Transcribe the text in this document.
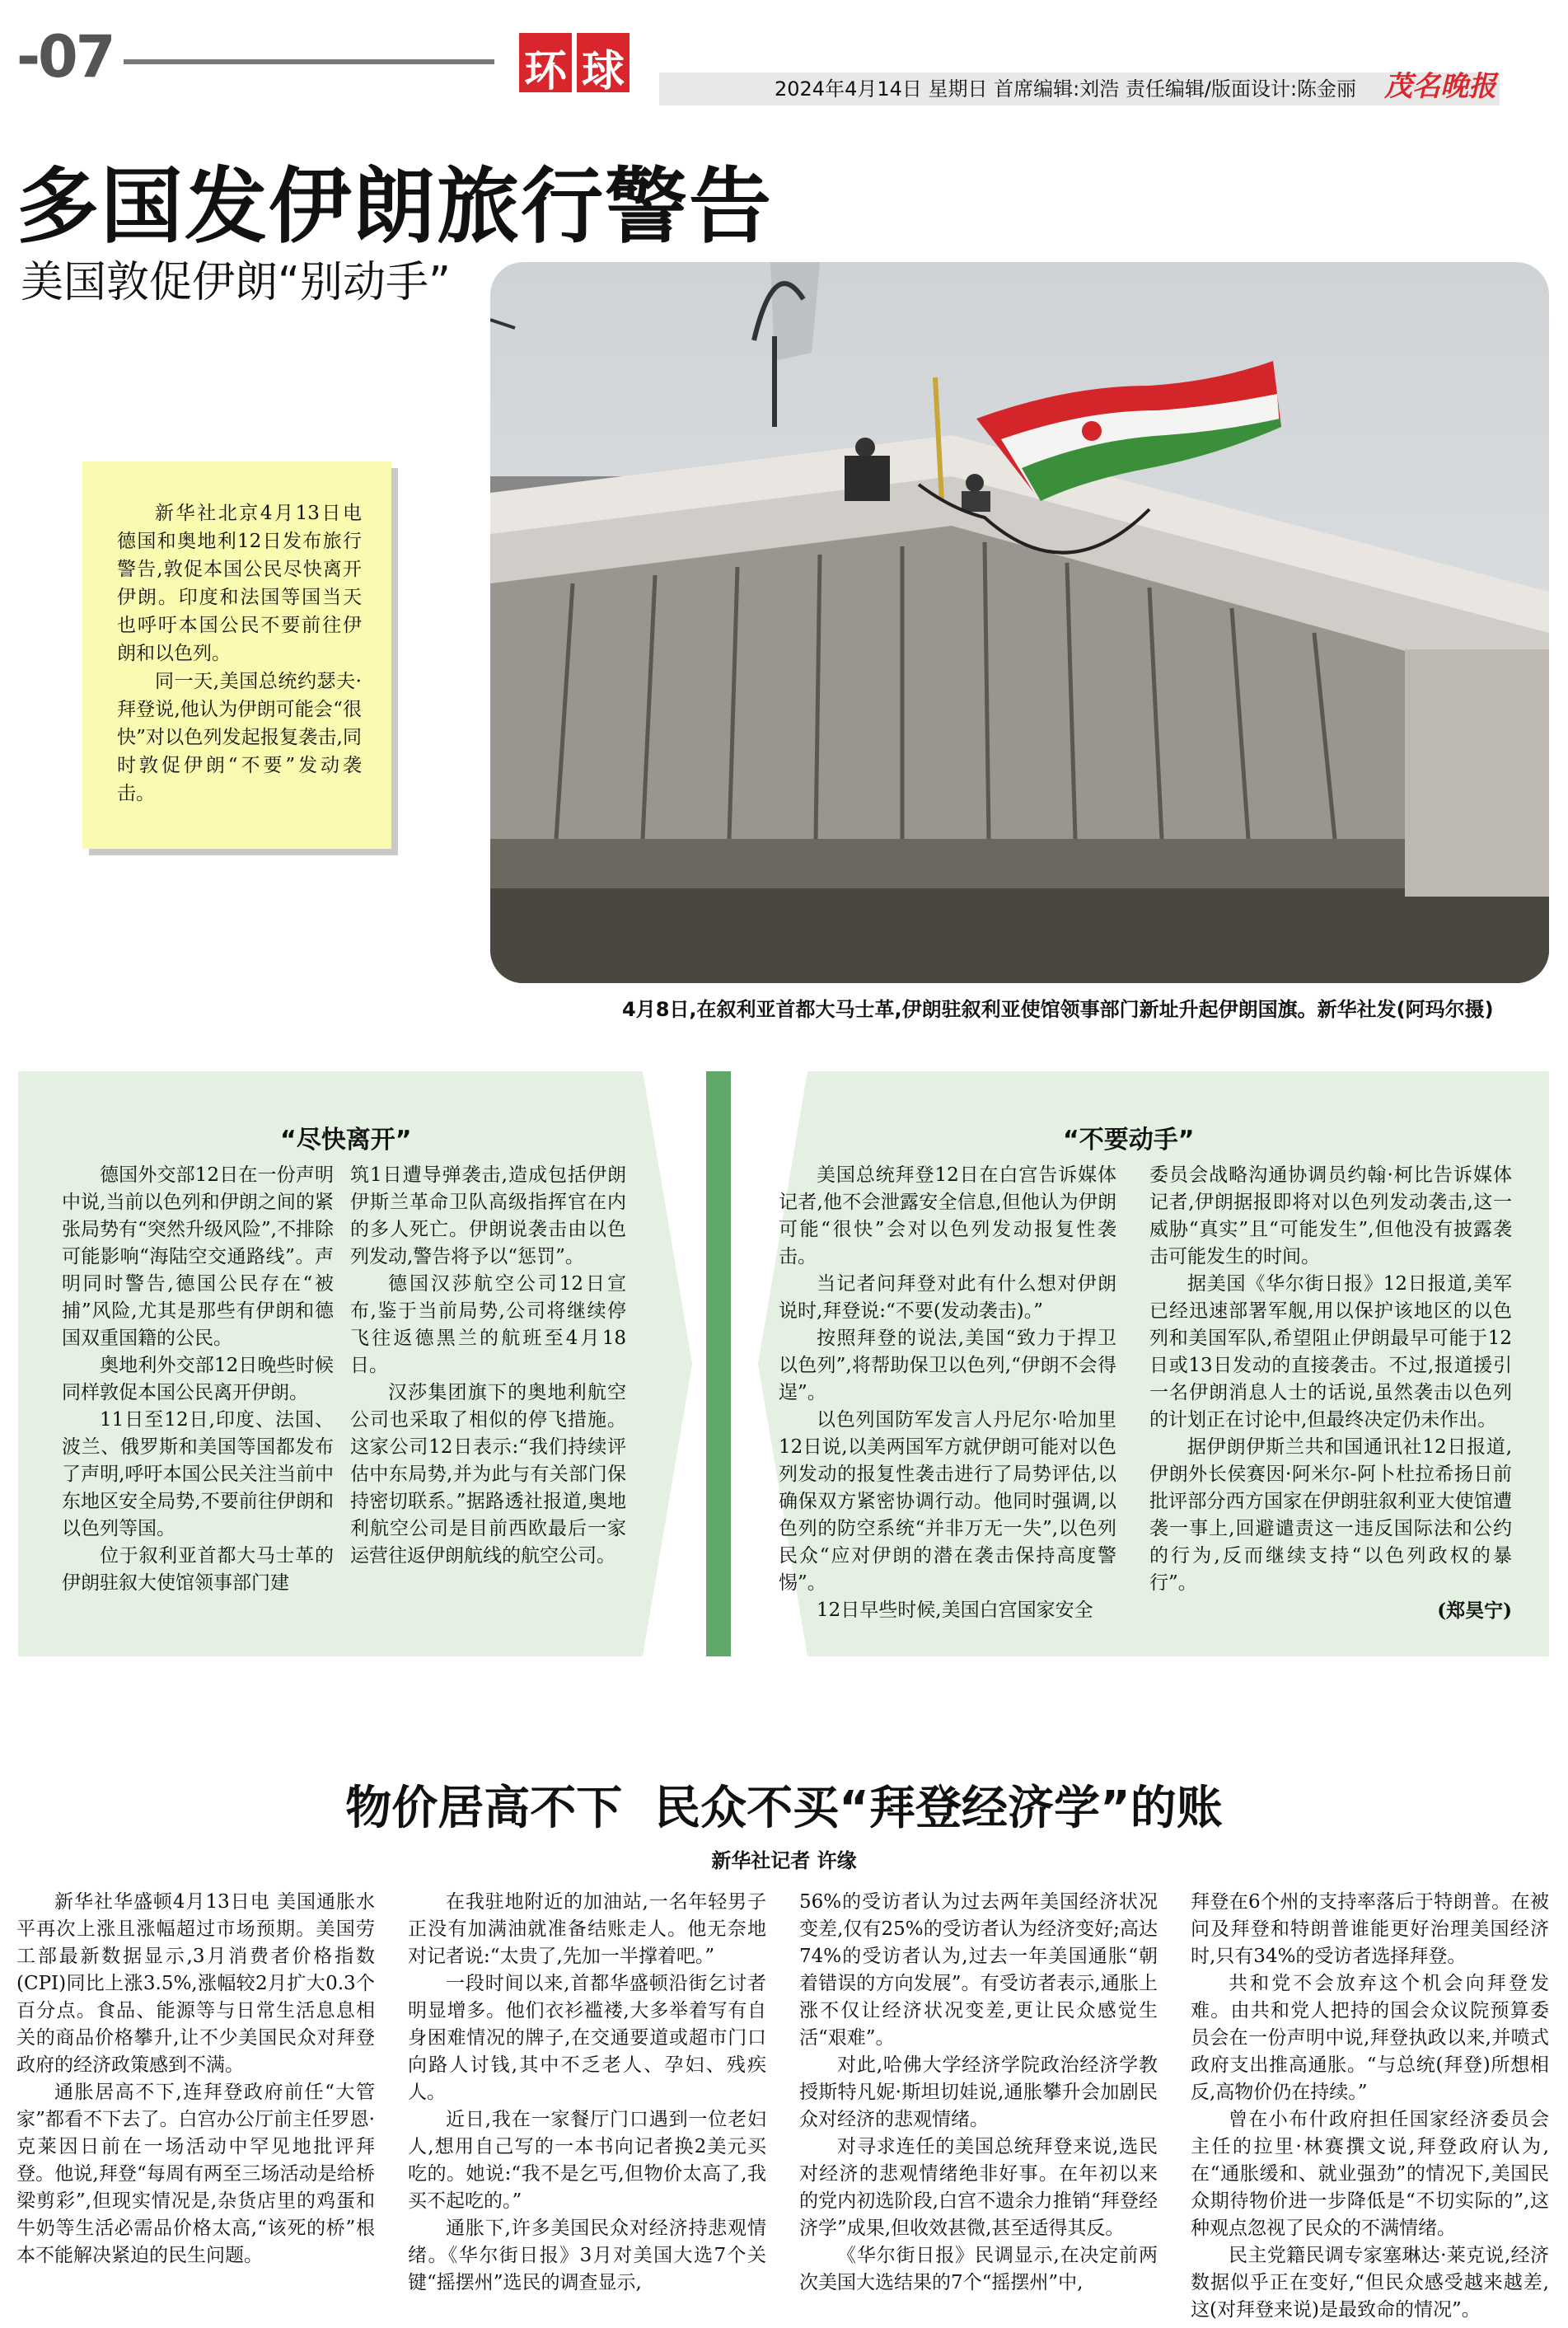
-07	环 球	2024年4月14日 星期日 首席编辑:刘浩 责任编辑/版面设计:陈金丽 茂名晚报
多国发伊朗旅行警告
美国敦促伊朗“别动手”
4月8日,在叙利亚首都大马士革,伊朗驻叙利亚使馆领事部门新址升起伊朗国旗。新华社发(阿玛尔摄)

新华社北京4月13日电 德国和奥地利12日发布旅行警告,敦促本国公民尽快离开伊朗。印度和法国等国当天也呼吁本国公民不要前往伊朗和以色列。

同一天,美国总统约瑟夫·拜登说,他认为伊朗可能会“很快”对以色列发起报复袭击,同时敦促伊朗“不要”发动袭击。

“尽快离开”

德国外交部12日在一份声明中说,当前以色列和伊朗之间的紧张局势有“突然升级风险”,不排除可能影响“海陆空交通路线”。声明同时警告,德国公民存在“被捕”风险,尤其是那些有伊朗和德国双重国籍的公民。

奥地利外交部12日晚些时候同样敦促本国公民离开伊朗。

11日至12日,印度、法国、波兰、俄罗斯和美国等国都发布了声明,呼吁本国公民关注当前中东地区安全局势,不要前往伊朗和以色列等国。

位于叙利亚首都大马士革的伊朗驻叙大使馆领事部门建

筑1日遭导弹袭击,造成包括伊朗伊斯兰革命卫队高级指挥官在内的多人死亡。伊朗说袭击由以色列发动,警告将予以“惩罚”。

德国汉莎航空公司12日宣布,鉴于当前局势,公司将继续停飞往返德黑兰的航班至4月18日。

汉莎集团旗下的奥地利航空公司也采取了相似的停飞措施。这家公司12日表示:“我们持续评估中东局势,并为此与有关部门保持密切联系。”据路透社报道,奥地利航空公司是目前西欧最后一家运营往返伊朗航线的航空公司。

“不要动手”

美国总统拜登12日在白宫告诉媒体记者,他不会泄露安全信息,但他认为伊朗可能“很快”会对以色列发动报复性袭击。

当记者问拜登对此有什么想对伊朗说时,拜登说:“不要(发动袭击)。”

按照拜登的说法,美国“致力于捍卫以色列”,将帮助保卫以色列,“伊朗不会得逞”。

以色列国防军发言人丹尼尔·哈加里12日说,以美两国军方就伊朗可能对以色列发动的报复性袭击进行了局势评估,以确保双方紧密协调行动。他同时强调,以色列的防空系统“并非万无一失”,以色列民众“应对伊朗的潜在袭击保持高度警惕”。

12日早些时候,美国白宫国家安全

委员会战略沟通协调员约翰·柯比告诉媒体记者,伊朗据报即将对以色列发动袭击,这一威胁“真实”且“可能发生”,但他没有披露袭击可能发生的时间。

据美国《华尔街日报》12日报道,美军已经迅速部署军舰,用以保护该地区的以色列和美国军队,希望阻止伊朗最早可能于12日或13日发动的直接袭击。不过,报道援引一名伊朗消息人士的话说,虽然袭击以色列的计划正在讨论中,但最终决定仍未作出。

据伊朗伊斯兰共和国通讯社12日报道,伊朗外长侯赛因·阿米尔-阿卜杜拉希扬日前批评部分西方国家在伊朗驻叙利亚大使馆遭袭一事上,回避谴责这一违反国际法和公约的行为,反而继续支持“以色列政权的暴行”。

(郑昊宁)
物价居高不下  民众不买“拜登经济学”的账
新华社记者 许缘

新华社华盛顿4月13日电 美国通胀水平再次上涨且涨幅超过市场预期。美国劳工部最新数据显示,3月消费者价格指数(CPI)同比上涨3.5%,涨幅较2月扩大0.3个百分点。食品、能源等与日常生活息息相关的商品价格攀升,让不少美国民众对拜登政府的经济政策感到不满。

通胀居高不下,连拜登政府前任“大管家”都看不下去了。白宫办公厅前主任罗恩·克莱因日前在一场活动中罕见地批评拜登。他说,拜登“每周有两至三场活动是给桥梁剪彩”,但现实情况是,杂货店里的鸡蛋和牛奶等生活必需品价格太高,“该死的桥”根本不能解决紧迫的民生问题。

在我驻地附近的加油站,一名年轻男子正没有加满油就准备结账走人。他无奈地对记者说:“太贵了,先加一半撑着吧。”

一段时间以来,首都华盛顿沿街乞讨者明显增多。他们衣衫褴褛,大多举着写有自身困难情况的牌子,在交通要道或超市门口向路人讨钱,其中不乏老人、孕妇、残疾人。

近日,我在一家餐厅门口遇到一位老妇人,想用自己写的一本书向记者换2美元买吃的。她说:“我不是乞丐,但物价太高了,我买不起吃的。”

通胀下,许多美国民众对经济持悲观情绪。《华尔街日报》3月对美国大选7个关键“摇摆州”选民的调查显示,

56%的受访者认为过去两年美国经济状况变差,仅有25%的受访者认为经济变好;高达74%的受访者认为,过去一年美国通胀“朝着错误的方向发展”。有受访者表示,通胀上涨不仅让经济状况变差,更让民众感觉生活“艰难”。

对此,哈佛大学经济学院政治经济学教授斯特凡妮·斯坦切娃说,通胀攀升会加剧民众对经济的悲观情绪。

对寻求连任的美国总统拜登来说,选民对经济的悲观情绪绝非好事。在年初以来的党内初选阶段,白宫不遗余力推销“拜登经济学”成果,但收效甚微,甚至适得其反。

《华尔街日报》民调显示,在决定前两次美国大选结果的7个“摇摆州”中,

拜登在6个州的支持率落后于特朗普。在被问及拜登和特朗普谁能更好治理美国经济时,只有34%的受访者选择拜登。

共和党不会放弃这个机会向拜登发难。由共和党人把持的国会众议院预算委员会在一份声明中说,拜登执政以来,并喷式政府支出推高通胀。“与总统(拜登)所想相反,高物价仍在持续。”

曾在小布什政府担任国家经济委员会主任的拉里·林赛撰文说,拜登政府认为,在“通胀缓和、就业强劲”的情况下,美国民众期待物价进一步降低是“不切实际的”,这种观点忽视了民众的不满情绪。

民主党籍民调专家塞琳达·莱克说,经济数据似乎正在变好,“但民众感受越来越差,这(对拜登来说)是最致命的情况”。
